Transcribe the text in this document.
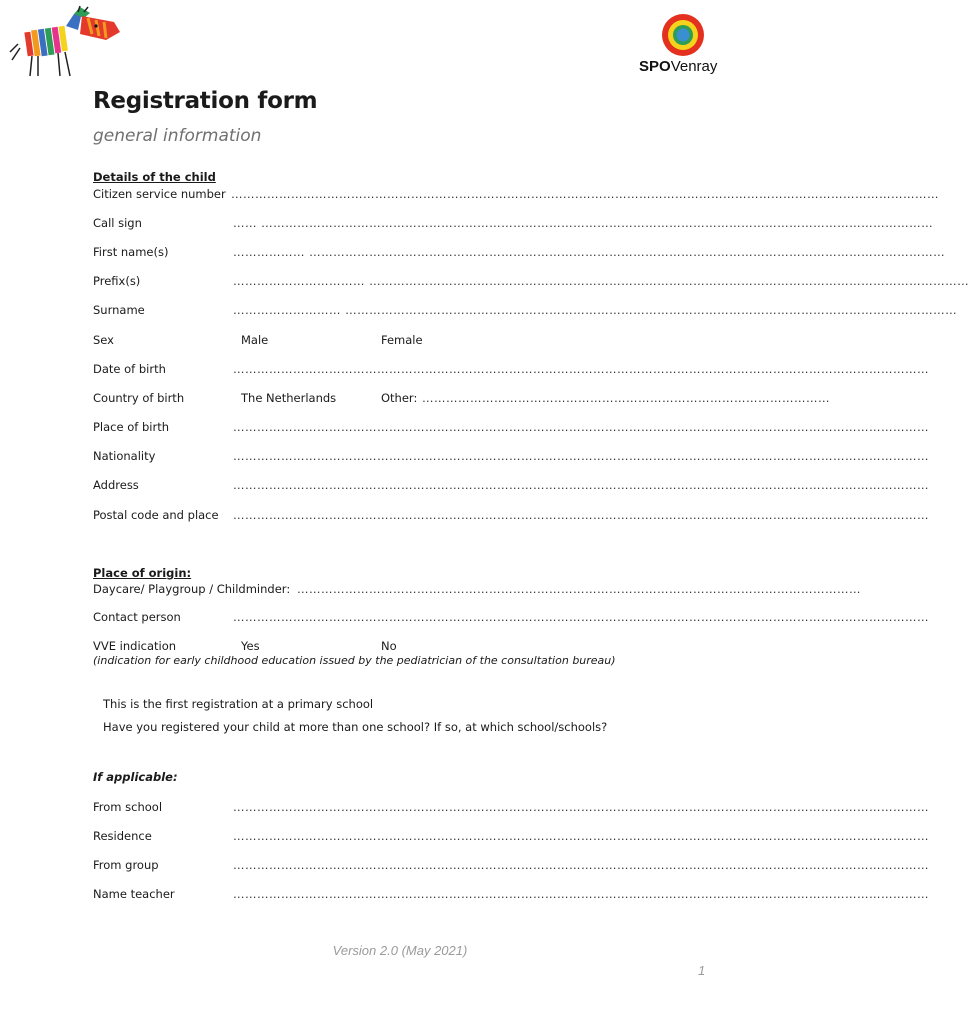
SPOVenray
Registration form
general information
Details of the child
Citizen service number ……………………………………………………………………………………………………………………………………………………………
Call sign	…… ……………………………………………………………………………………………………………………………………………………
First name(s)	……………… ……………………………………………………………………………………………………………………………………………
Prefix(s)	…………………………… ……………………………………………………………………………………………………………………………………
Surname	……………………… ………………………………………………………………………………………………………………………………………
Sex	Male	Female
Date of birth	…………………………………………………………………………………………………………………………………………………………
Country of birth	The Netherlands	Other: …………………………………………………………………………………………
Place of birth	…………………………………………………………………………………………………………………………………………………………
Nationality	…………………………………………………………………………………………………………………………………………………………
Address	…………………………………………………………………………………………………………………………………………………………
Postal code and place …………………………………………………………………………………………………………………………………………………………
Place of origin:
Daycare/ Playgroup / Childminder: ……………………………………………………………………………………………………………………………
Contact person	…………………………………………………………………………………………………………………………………………………………
VVE indication	Yes	No
(indication for early childhood education issued by the pediatrician of the consultation bureau)
This is the first registration at a primary school
Have you registered your child at more than one school? If so, at which school/schools?
If applicable:
From school	…………………………………………………………………………………………………………………………………………………………
Residence	…………………………………………………………………………………………………………………………………………………………
From group	…………………………………………………………………………………………………………………………………………………………
Name teacher	…………………………………………………………………………………………………………………………………………………………
Version 2.0 (May 2021)
1
